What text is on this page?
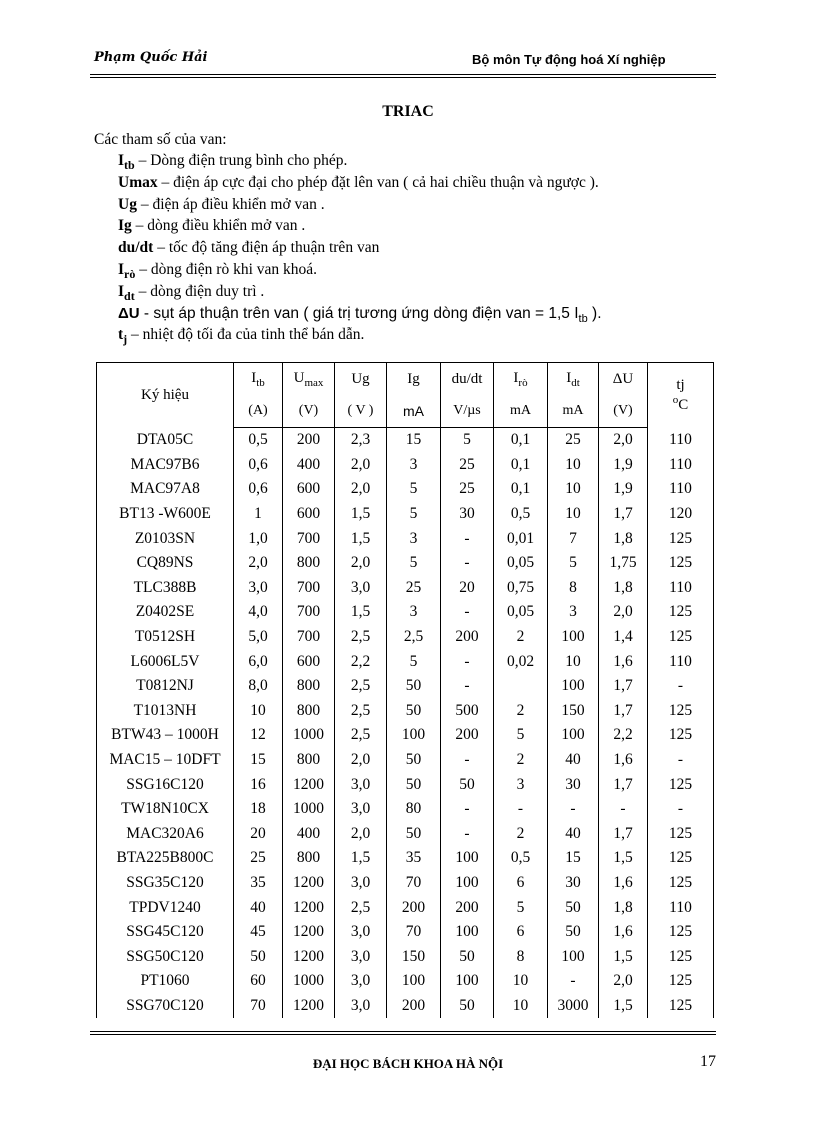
Phạm Quốc Hải	Bộ môn Tự động hoá Xí nghiệp
TRIAC
Các tham số của van:
$I_{tb}$ – Dòng điện trung bình cho phép.
Umax – điện áp cực đại cho phép đặt lên van ( cả hai chiều thuận và ngược ).
Ug – điện áp điều khiển mở van .
Ig – dòng điều khiển mở van .
du/dt – tốc độ tăng điện áp thuận trên van
$I_{rò}$ – dòng điện rò khi van khoá.
$I_{dt}$ – dòng điện duy trì .
ΔU - sụt áp thuận trên van ( giá trị tương ứng dòng điện van = 1,5 $I_{tb}$ ).
$t_j$ – nhiệt độ tối đa của tinh thể bán dẫn.
Ký hiệu	$I_{tb}$	$U_{max}$	Ug	Ig	du/dt	$I_{rò}$	$I_{dt}$	ΔU	tj
$^o$C
	(A)	(V)	( V )	mA	V/µs	mA	mA	(V)	
DTA05C	0,5	200	2,3	15	5	0,1	25	2,0	110
MAC97B6	0,6	400	2,0	3	25	0,1	10	1,9	110
MAC97A8	0,6	600	2,0	5	25	0,1	10	1,9	110
BT13 -W600E	1	600	1,5	5	30	0,5	10	1,7	120
Z0103SN	1,0	700	1,5	3	-	0,01	7	1,8	125
CQ89NS	2,0	800	2,0	5	-	0,05	5	1,75	125
TLC388B	3,0	700	3,0	25	20	0,75	8	1,8	110
Z0402SE	4,0	700	1,5	3	-	0,05	3	2,0	125
T0512SH	5,0	700	2,5	2,5	200	2	100	1,4	125
L6006L5V	6,0	600	2,2	5	-	0,02	10	1,6	110
T0812NJ	8,0	800	2,5	50	-		100	1,7	-
T1013NH	10	800	2,5	50	500	2	150	1,7	125
BTW43 – 1000H	12	1000	2,5	100	200	5	100	2,2	125
MAC15 – 10DFT	15	800	2,0	50	-	2	40	1,6	-
SSG16C120	16	1200	3,0	50	50	3	30	1,7	125
TW18N10CX	18	1000	3,0	80	-	-	-	-	-
MAC320A6	20	400	2,0	50	-	2	40	1,7	125
BTA225B800C	25	800	1,5	35	100	0,5	15	1,5	125
SSG35C120	35	1200	3,0	70	100	6	30	1,6	125
TPDV1240	40	1200	2,5	200	200	5	50	1,8	110
SSG45C120	45	1200	3,0	70	100	6	50	1,6	125
SSG50C120	50	1200	3,0	150	50	8	100	1,5	125
PT1060	60	1000	3,0	100	100	10	-	2,0	125
SSG70C120	70	1200	3,0	200	50	10	3000	1,5	125
ĐẠI HỌC BÁCH KHOA HÀ NỘI	17
